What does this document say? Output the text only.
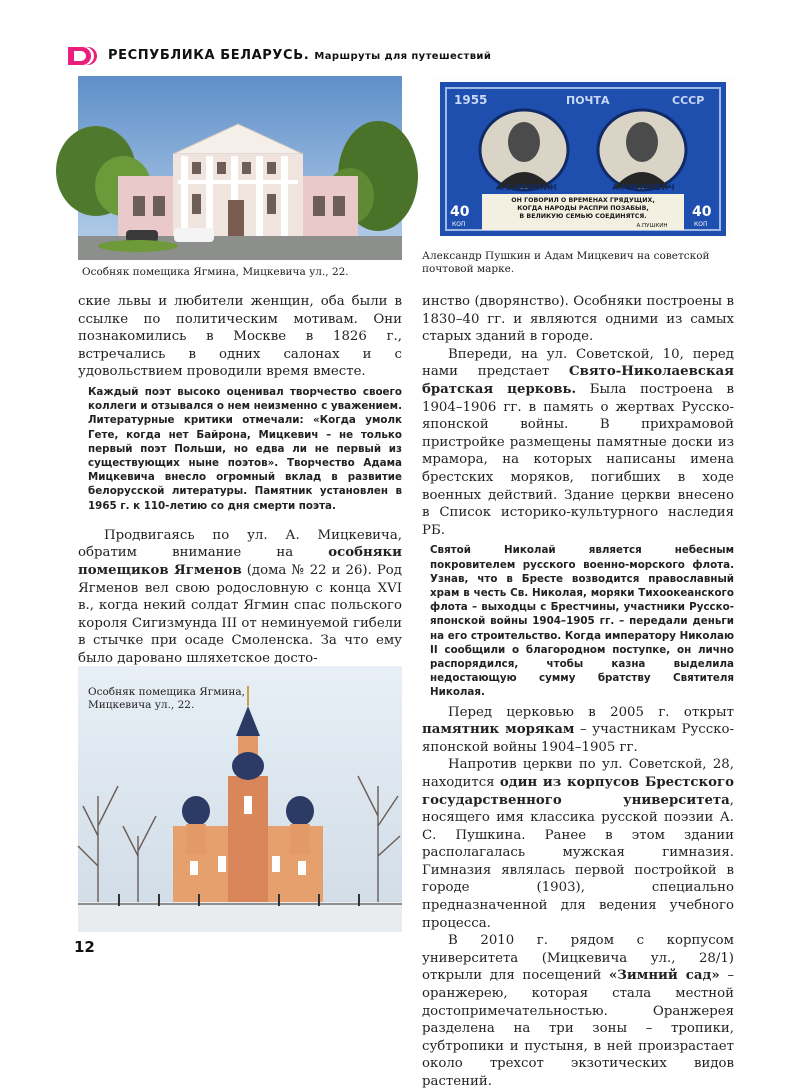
РЕСПУБЛИКА БЕЛАРУСЬ. Маршруты для путешествий
Особняк помещика Ягмина, Мицкевича ул., 22.
1955	ПОЧТА	СССР
А.С.ПУШКИН	А.МИЦКЕВИЧ
ОН ГОВОРИЛ О ВРЕМЕНАХ ГРЯДУЩИХ,
КОГДА НАРОДЫ РАСПРИ ПОЗАБЫВ,
В ВЕЛИКУЮ СЕМЬЮ СОЕДИНЯТСЯ.
А.ПУШКИН
40
КОП
40
КОП
Александр Пушкин и Адам Мицкевич на советской почтовой марке.

ские львы и любители женщин, оба были в ссылке по политическим мотивам. Они познакомились в Москве в 1826 г., встречались в одних салонах и с удовольствием проводили время вместе.

Каждый поэт высоко оценивал творчество своего коллеги и отзывался о нем неизменно с уважением. Литературные критики отмечали: «Когда умолк Гете, когда нет Байрона, Мицкевич – не только первый поэт Польши, но едва ли не первый из существующих ныне поэтов». Творчество Адама Мицкевича внесло огромный вклад в развитие белорусской литературы. Памятник установлен в 1965 г. к 110-летию со дня смерти поэта.

Продвигаясь по ул. А. Мицкевича, обратим внимание на особняки помещиков Ягменов (дома № 22 и 26). Род Ягменов вел свою родословную с конца XVI в., когда некий солдат Ягмин спас польского короля Сигизмунда III от неминуемой гибели в стычке при осаде Смоленска. За что ему было даровано шляхетское досто-

Особняк помещика Ягмина, Мицкевича ул., 22.

инство (дворянство). Особняки построены в 1830–40 гг. и являются одними из самых старых зданий в городе.

Впереди, на ул. Советской, 10, перед нами предстает Свято-Николаевская братская церковь. Была построена в 1904–1906 гг. в память о жертвах Русско-японской войны. В прихрамовой пристройке размещены памятные доски из мрамора, на которых написаны имена брестских моряков, погибших в ходе военных действий. Здание церкви внесено в Список историко-культурного наследия РБ.

Святой Николай является небесным покровителем русского военно-морского флота. Узнав, что в Бресте возводится православный храм в честь Св. Николая, моряки Тихоокеанского флота – выходцы с Брестчины, участники Русско-японской войны 1904–1905 гг. – передали деньги на его строительство. Когда императору Николаю II сообщили о благородном поступке, он лично распорядился, чтобы казна выделила недостающую сумму братству Святителя Николая.

Перед церковью в 2005 г. открыт памятник морякам – участникам Русско-японской войны 1904–1905 гг.

Напротив церкви по ул. Советской, 28, находится один из корпусов Брестского государственного университета, носящего имя классика русской поэзии А. С. Пушкина. Ранее в этом здании располагалась мужская гимназия. Гимназия являлась первой постройкой в городе (1903), специально предназначенной для ведения учебного процесса.

В 2010 г. рядом с корпусом университета (Мицкевича ул., 28/1) открыли для посещений «Зимний сад» – оранжерею, которая стала местной достопримечательностью. Оранжерея разделена на три зоны – тропики, субтропики и пустыня, в ней произрастает около трехсот экзотических видов растений.

12
